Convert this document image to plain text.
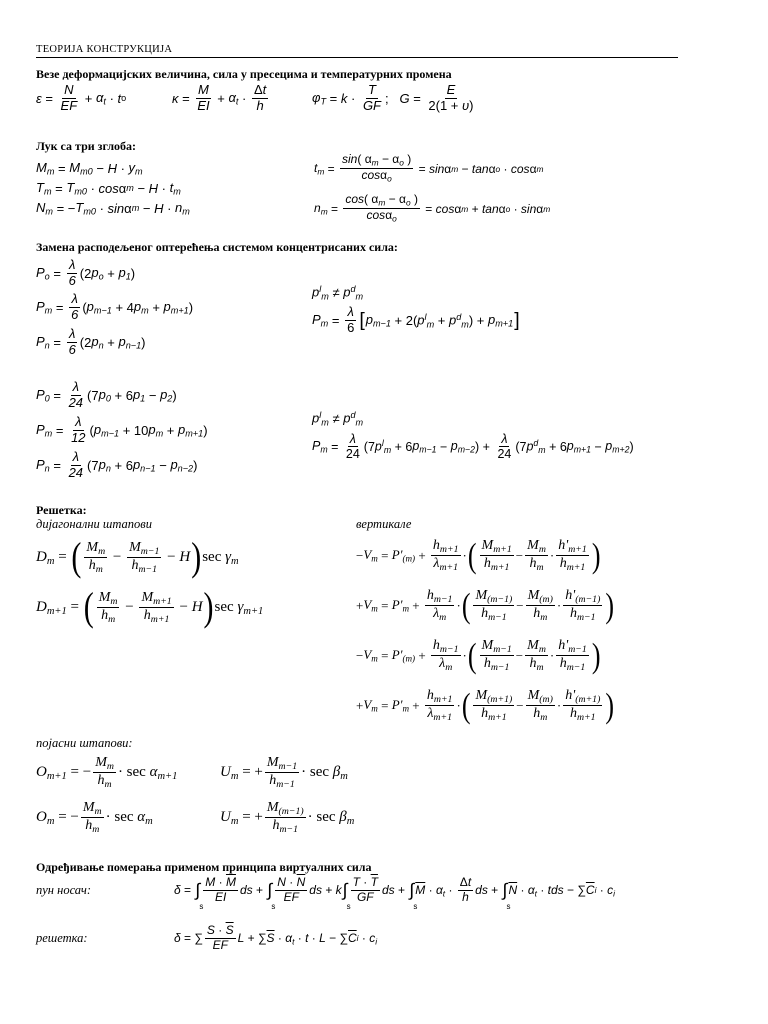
ТЕОРИЈА КОНСТРУКЦИЈА
Везе деформацијских величина, сила у пресецима и температурних промена
$\varepsilon = \frac{N}{EF} + \alpha_t \cdot t$ o	$\kappa = \frac{M}{EI} + \alpha_t \cdot \frac{\Delta t}{h}$	$\varphi_T = k \cdot \frac{T}{GF}$ ; $G = \frac{E}{2(1 + \upsilon)}$
Лук са три зглоба:
$M_m = M_{m0} - H \cdot y_m$
$T_m = T_{m0} \cdot \cos \alpha$ $m - H \cdot t_m$
$N_m$ = − $T_{m0} \cdot \sin \alpha$ $m - H \cdot n_m$
$t_m = \frac{\sin( \alpha_m - \alpha_o )}{\cos\alpha_o} = \sin \alpha$ m − tan α o · cos α m
$n_m = \frac{\cos( \alpha_m - \alpha_o )}{\cos\alpha_o} = \cos \alpha$ m + tan α o · sin α m
Замена расподељеног оптерећења системом концентрисаних сила:
$P_o = \frac{\lambda}{6} (2$ $p_o + p_1$ )
$P_m = \frac{\lambda}{6}$ ( $p_{m-1} + 4$ $p_m + p_{m+1}$ )
$P_n = \frac{\lambda}{6} (2$ $p_n + p_{n-1}$ )
$p^l_m \ne p^d_m$
$P_m = \frac{\lambda}{6}$ [ $p_{m-1} + 2$( $p^l_m + p^d_m$ ) + $p_{m+1}$ ]
$P_0 = \frac{\lambda}{24} (7$ $p_0 + 6$ $p_1 - p_2$ )
$P_m = \frac{\lambda}{12}$ ( $p_{m-1} + 10$ $p_m + p_{m+1}$ )
$P_n = \frac{\lambda}{24} (7$ $p_n + 6$ $p_{n-1} - p_{n-2}$ )
$p^l_m \ne p^d_m$
$P_m = \frac{\lambda}{24} (7$ $p^l_m + 6$ $p_{m-1} - p_{m-2}$ ) + $\frac{\lambda}{24} (7$ $p^d_m + 6$ $p_{m+1} - p_{m+2}$ )
Решетка:
дијагонални штапови	вертикале
$D_m$ = ( $\frac{M_m}{h_m} - \frac{M_{m-1}}{h_{m-1}} - H$ ) $\sec \gamma_m$
$D_{m+1}$ = ( $\frac{M_m}{h_m} - \frac{M_{m+1}}{h_{m+1}} - H$ ) $\sec \gamma_{m+1}$
− $V_m = P'_{(m)} + \frac{h_{m+1}}{\lambda_{m+1}}$ · ( $\frac{M_{m+1}}{h_{m+1}} - \frac{M_m}{h_m} \cdot \frac{h'_{m+1}}{h_{m+1}}$ )
+ $V_m = P'_m + \frac{h_{m-1}}{\lambda_m}$ · ( $\frac{M_{(m-1)}}{h_{m-1}} - \frac{M_{(m)}}{h_m} \cdot \frac{h'_{(m-1)}}{h_{m-1}}$ )
− $V_m = P'_{(m)} + \frac{h_{m-1}}{\lambda_m}$ · ( $\frac{M_{m-1}}{h_{m-1}} - \frac{M_m}{h_m} \cdot \frac{h'_{m-1}}{h_{m-1}}$ )
+ $V_m = P'_m + \frac{h_{m+1}}{\lambda_{m+1}}$ · ( $\frac{M_{(m+1)}}{h_{m+1}} - \frac{M_{(m)}}{h_m} \cdot \frac{h'_{(m+1)}}{h_{m+1}}$ )
појасни штапови:
$O_{m+1}$ = − $\frac{M_m}{h_m} \cdot \sec \alpha_{m+1}$
$O_m$ = − $\frac{M_m}{h_m} \cdot \sec \alpha_m$
$U_m$ = + $\frac{M_{m-1}}{h_{m-1}} \cdot \sec \beta_m$
$U_m$ = + $\frac{M_{(m-1)}}{h_{m-1}} \cdot \sec \beta_m$
Одређивање померања применом принципа виртуалних сила
пун носач:
решетка:
δ = ∫
s
$\frac{M \cdot \overline{M}}{EI}$ ds + ∫
s
$\frac{N \cdot \overline{N}}{EF}$ ds + k ∫
s
$\frac{T \cdot \overline{T}}{GF}$ ds + ∫
s
$\overline{M} \cdot \alpha_t \cdot \frac{\Delta t}{h}$ ds + ∫
s
$\overline{N} \cdot \alpha_t$ · tds − ∑ $\overline{C}$ $i \cdot c_i$
δ = ∑ $\frac{S \cdot \overline{S}}{EF}$ L + ∑ $\overline{S} \cdot \alpha_t \cdot t \cdot L$ − ∑ $\overline{C}$ $i \cdot c_i$
